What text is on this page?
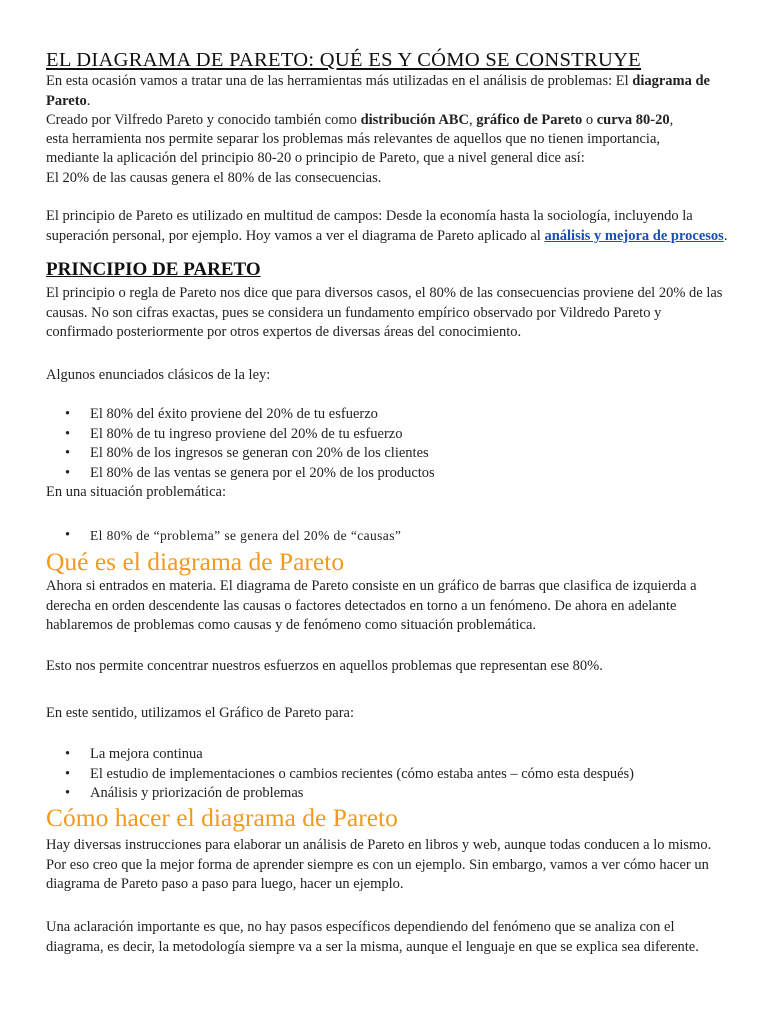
EL DIAGRAMA DE PARETO: QUÉ ES Y CÓMO SE CONSTRUYE

En esta ocasión vamos a tratar una de las herramientas más utilizadas en el análisis de problemas: El diagrama de Pareto.

Creado por Vilfredo Pareto y conocido también como distribución ABC, gráfico de Pareto o curva 80-20,

esta herramienta nos permite separar los problemas más relevantes de aquellos que no tienen importancia,

mediante la aplicación del principio 80-20 o principio de Pareto, que a nivel general dice así:

El 20% de las causas genera el 80% de las consecuencias.

El principio de Pareto es utilizado en multitud de campos: Desde la economía hasta la sociología, incluyendo la superación personal, por ejemplo. Hoy vamos a ver el diagrama de Pareto aplicado al análisis y mejora de procesos.

PRINCIPIO DE PARETO

El principio o regla de Pareto nos dice que para diversos casos, el 80% de las consecuencias proviene del 20% de las causas. No son cifras exactas, pues se considera un fundamento empírico observado por Vildredo Pareto y confirmado posteriormente por otros expertos de diversas áreas del conocimiento.

Algunos enunciados clásicos de la ley:

• El 80% del éxito proviene del 20% de tu esfuerzo
• El 80% de tu ingreso proviene del 20% de tu esfuerzo
• El 80% de los ingresos se generan con 20% de los clientes
• El 80% de las ventas se genera por el 20% de los productos

En una situación problemática:

• El 80% de “problema” se genera del 20% de “causas”
Qué es el diagrama de Pareto

Ahora si entrados en materia. El diagrama de Pareto consiste en un gráfico de barras que clasifica de izquierda a derecha en orden descendente las causas o factores detectados en torno a un fenómeno. De ahora en adelante hablaremos de problemas como causas y de fenómeno como situación problemática.

Esto nos permite concentrar nuestros esfuerzos en aquellos problemas que representan ese 80%.

En este sentido, utilizamos el Gráfico de Pareto para:

• La mejora continua
• El estudio de implementaciones o cambios recientes (cómo estaba antes – cómo esta después)
• Análisis y priorización de problemas
Cómo hacer el diagrama de Pareto

Hay diversas instrucciones para elaborar un análisis de Pareto en libros y web, aunque todas conducen a lo mismo. Por eso creo que la mejor forma de aprender siempre es con un ejemplo. Sin embargo, vamos a ver cómo hacer un diagrama de Pareto paso a paso para luego, hacer un ejemplo.

Una aclaración importante es que, no hay pasos específicos dependiendo del fenómeno que se analiza con el diagrama, es decir, la metodología siempre va a ser la misma, aunque el lenguaje en que se explica sea diferente.
